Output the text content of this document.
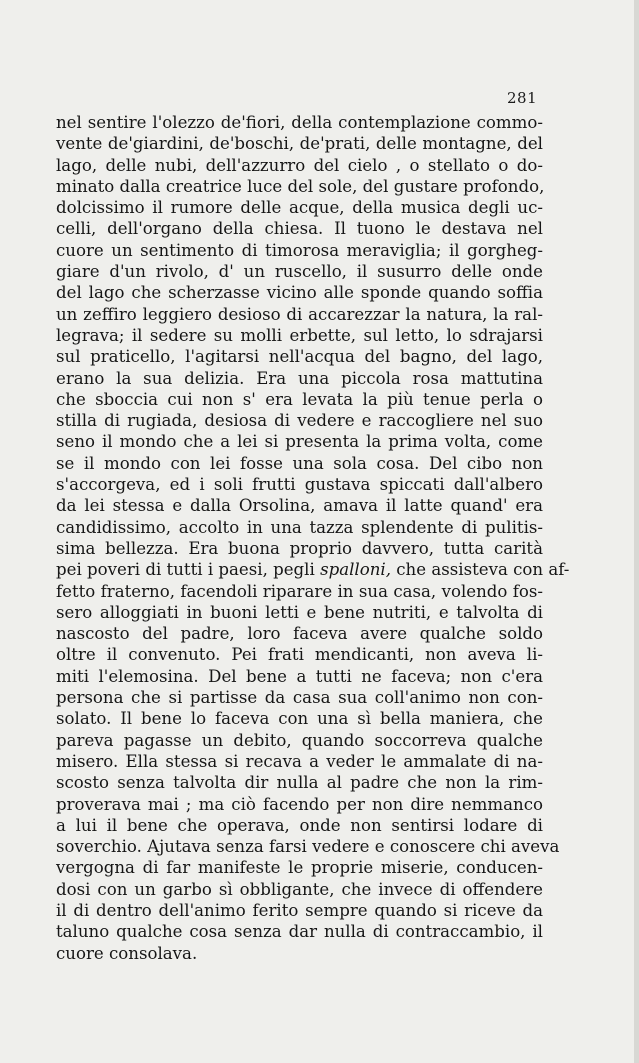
281
nel sentire l'olezzo de'fiori, della contemplazione commo-
vente de'giardini, de'boschi, de'prati, delle montagne, del
lago, delle nubi, dell'azzurro del cielo , o stellato o do-
minato dalla creatrice luce del sole, del gustare profondo,
dolcissimo il rumore delle acque, della musica degli uc-
celli, dell'organo della chiesa. Il tuono le destava nel
cuore un sentimento di timorosa meraviglia; il gorgheg-
giare d'un rivolo, d' un ruscello, il susurro delle onde
del lago che scherzasse vicino alle sponde quando soffia
un zeffiro leggiero desioso di accarezzar la natura, la ral-
legrava; il sedere su molli erbette, sul letto, lo sdrajarsi
sul praticello, l'agitarsi nell'acqua del bagno, del lago,
erano la sua delizia. Era una piccola rosa mattutina
che sboccia cui non s' era levata la più tenue perla o
stilla di rugiada, desiosa di vedere e raccogliere nel suo
seno il mondo che a lei si presenta la prima volta, come
se il mondo con lei fosse una sola cosa. Del cibo non
s'accorgeva, ed i soli frutti gustava spiccati dall'albero
da lei stessa e dalla Orsolina, amava il latte quand' era
candidissimo, accolto in una tazza splendente di pulitis-
sima bellezza. Era buona proprio davvero, tutta carità
pei poveri di tutti i paesi, pegli spalloni, che assisteva con af-
fetto fraterno, facendoli riparare in sua casa, volendo fos-
sero alloggiati in buoni letti e bene nutriti, e talvolta di
nascosto del padre, loro faceva avere qualche soldo
oltre il convenuto. Pei frati mendicanti, non aveva li-
miti l'elemosina. Del bene a tutti ne faceva; non c'era
persona che si partisse da casa sua coll'animo non con-
solato. Il bene lo faceva con una sì bella maniera, che
pareva pagasse un debito, quando soccorreva qualche
misero. Ella stessa si recava a veder le ammalate di na-
scosto senza talvolta dir nulla al padre che non la rim-
proverava mai ; ma ciò facendo per non dire nemmanco
a lui il bene che operava, onde non sentirsi lodare di
soverchio. Ajutava senza farsi vedere e conoscere chi aveva
vergogna di far manifeste le proprie miserie, conducen-
dosi con un garbo sì obbligante, che invece di offendere
il di dentro dell'animo ferito sempre quando si riceve da
taluno qualche cosa senza dar nulla di contraccambio, il
cuore consolava.
